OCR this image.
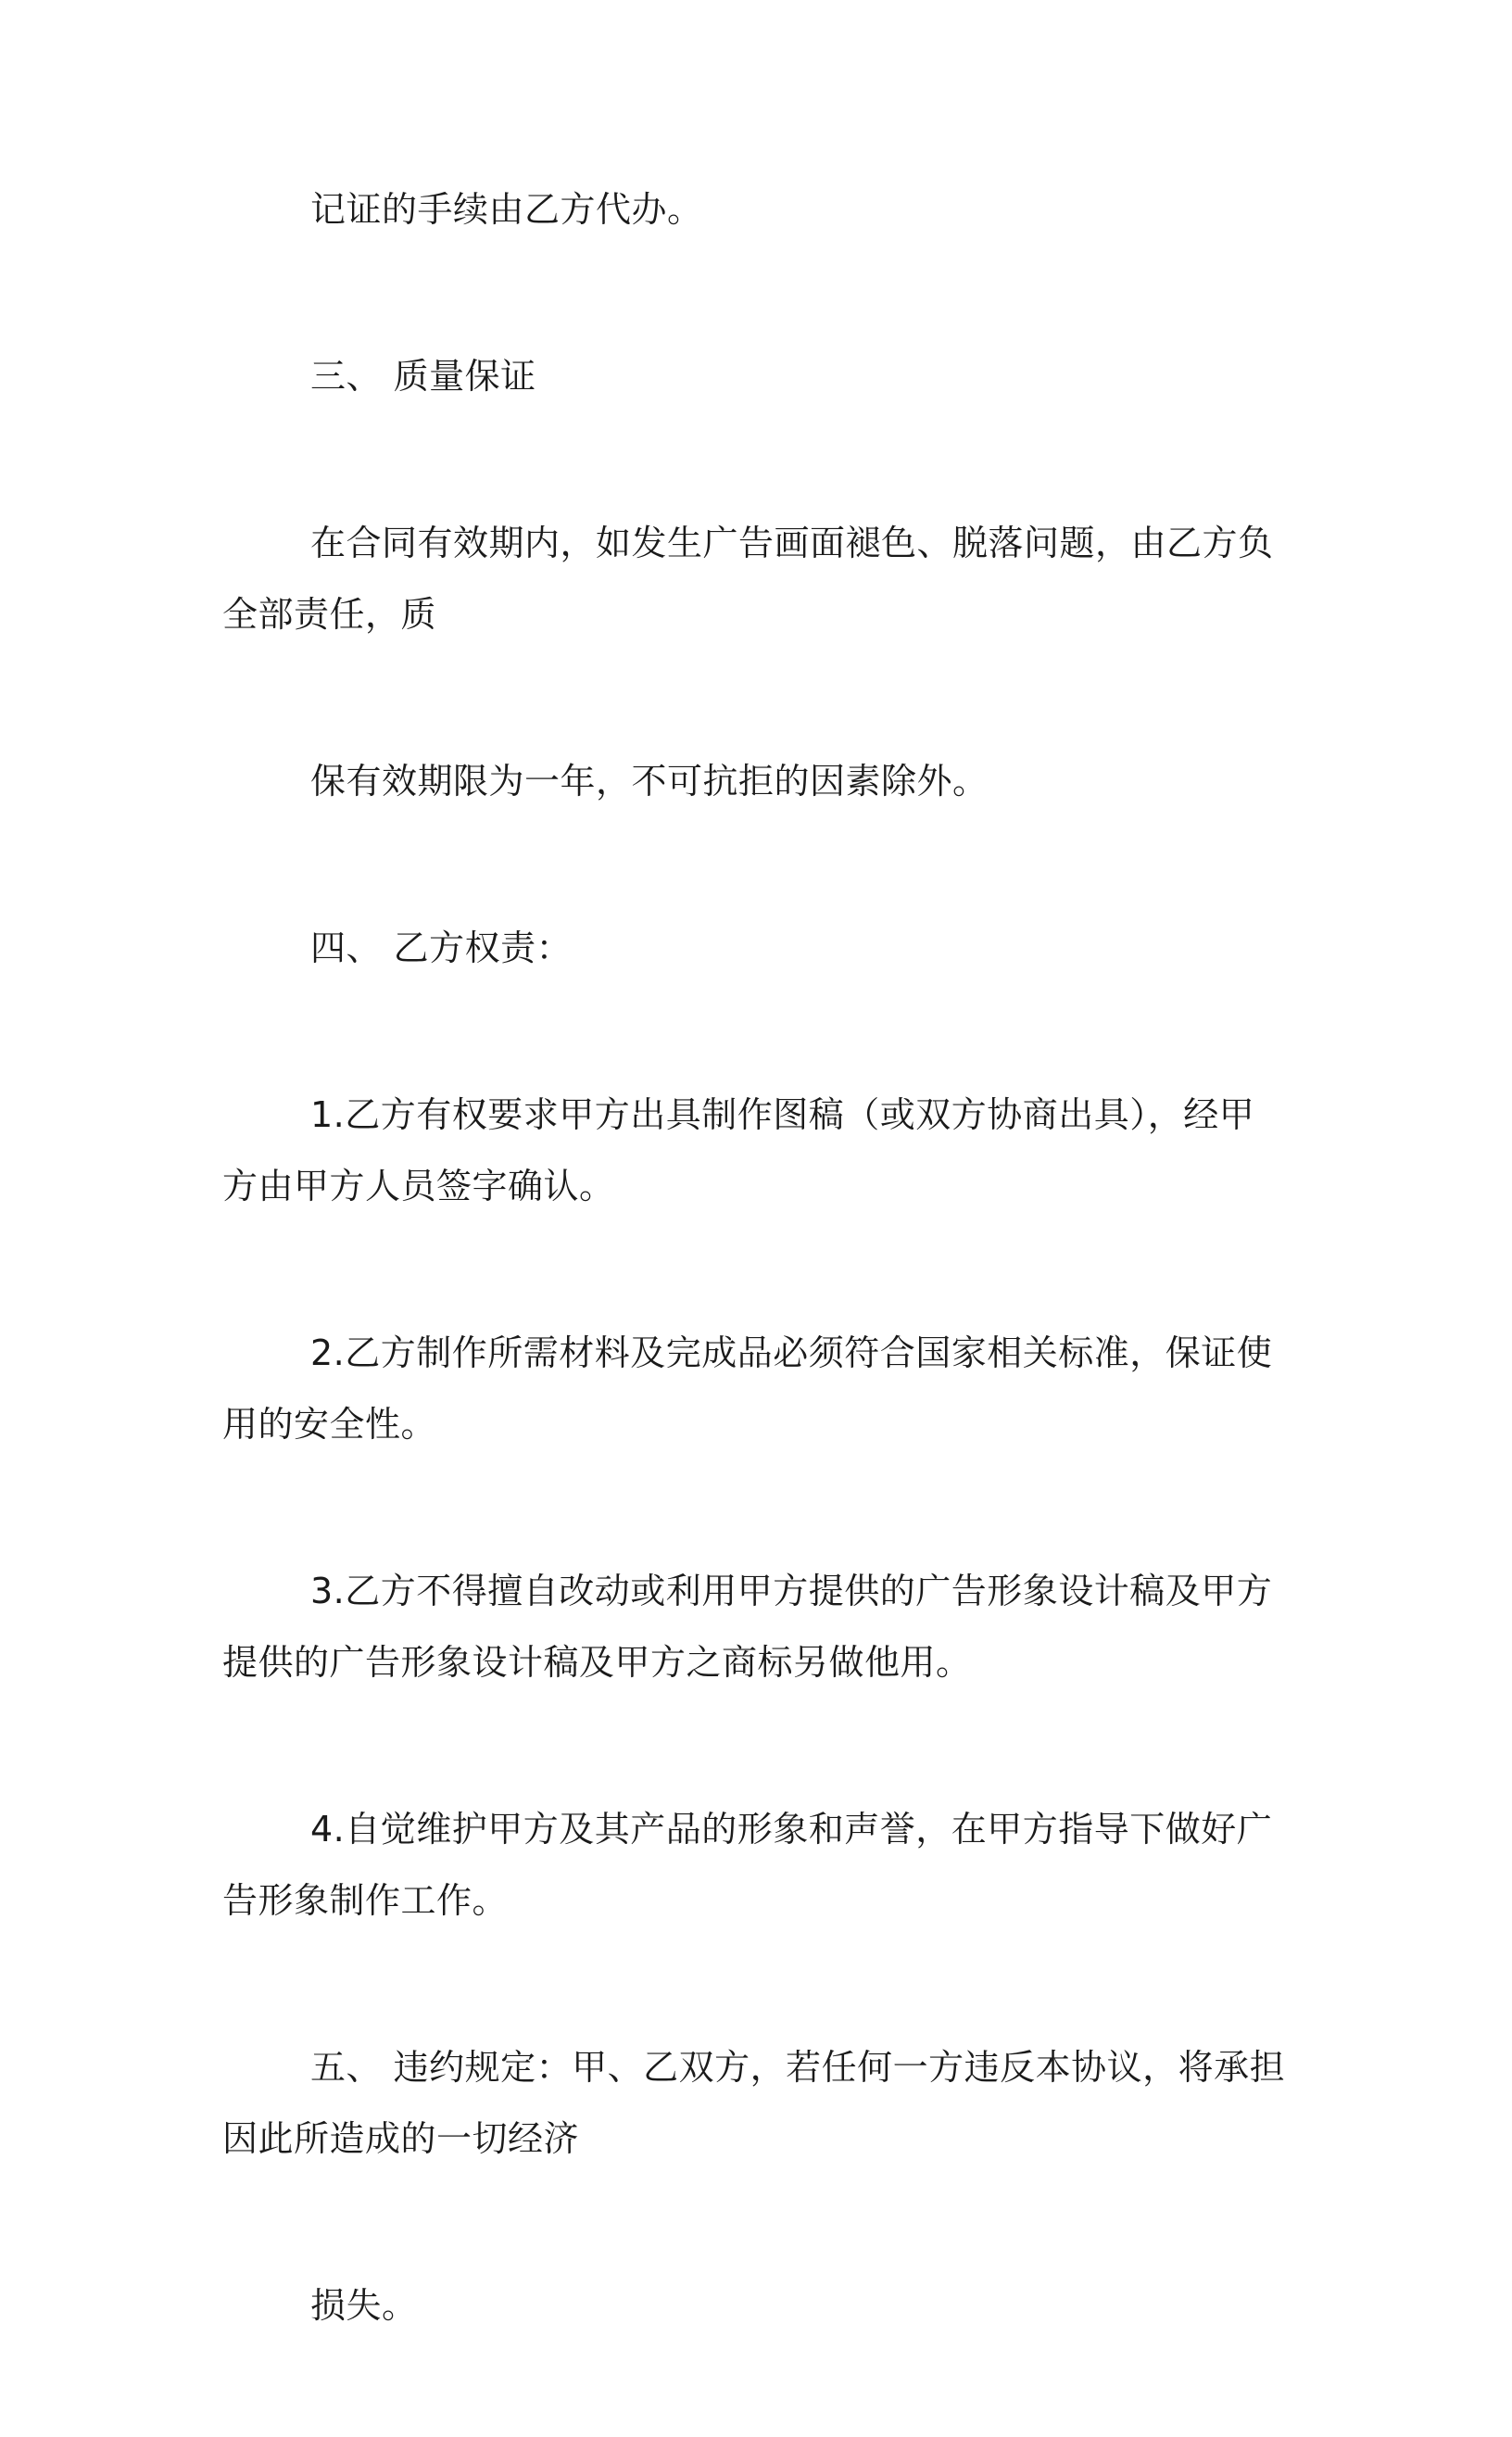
记证的手续由乙方代办。

三、 质量保证

在合同有效期内，如发生广告画面褪色、脱落问题，由乙方负全部责任，质

保有效期限为一年，不可抗拒的因素除外。

四、 乙方权责：

1.乙方有权要求甲方出具制作图稿（或双方协商出具），经甲方由甲方人员签字确认。

2.乙方制作所需材料及完成品必须符合国家相关标准，保证使用的安全性。

3.乙方不得擅自改动或利用甲方提供的广告形象设计稿及甲方提供的广告形象设计稿及甲方之商标另做他用。

4.自觉维护甲方及其产品的形象和声誉，在甲方指导下做好广告形象制作工作。

五、 违约规定：甲、乙双方，若任何一方违反本协议，将承担因此所造成的一切经济

损失。
